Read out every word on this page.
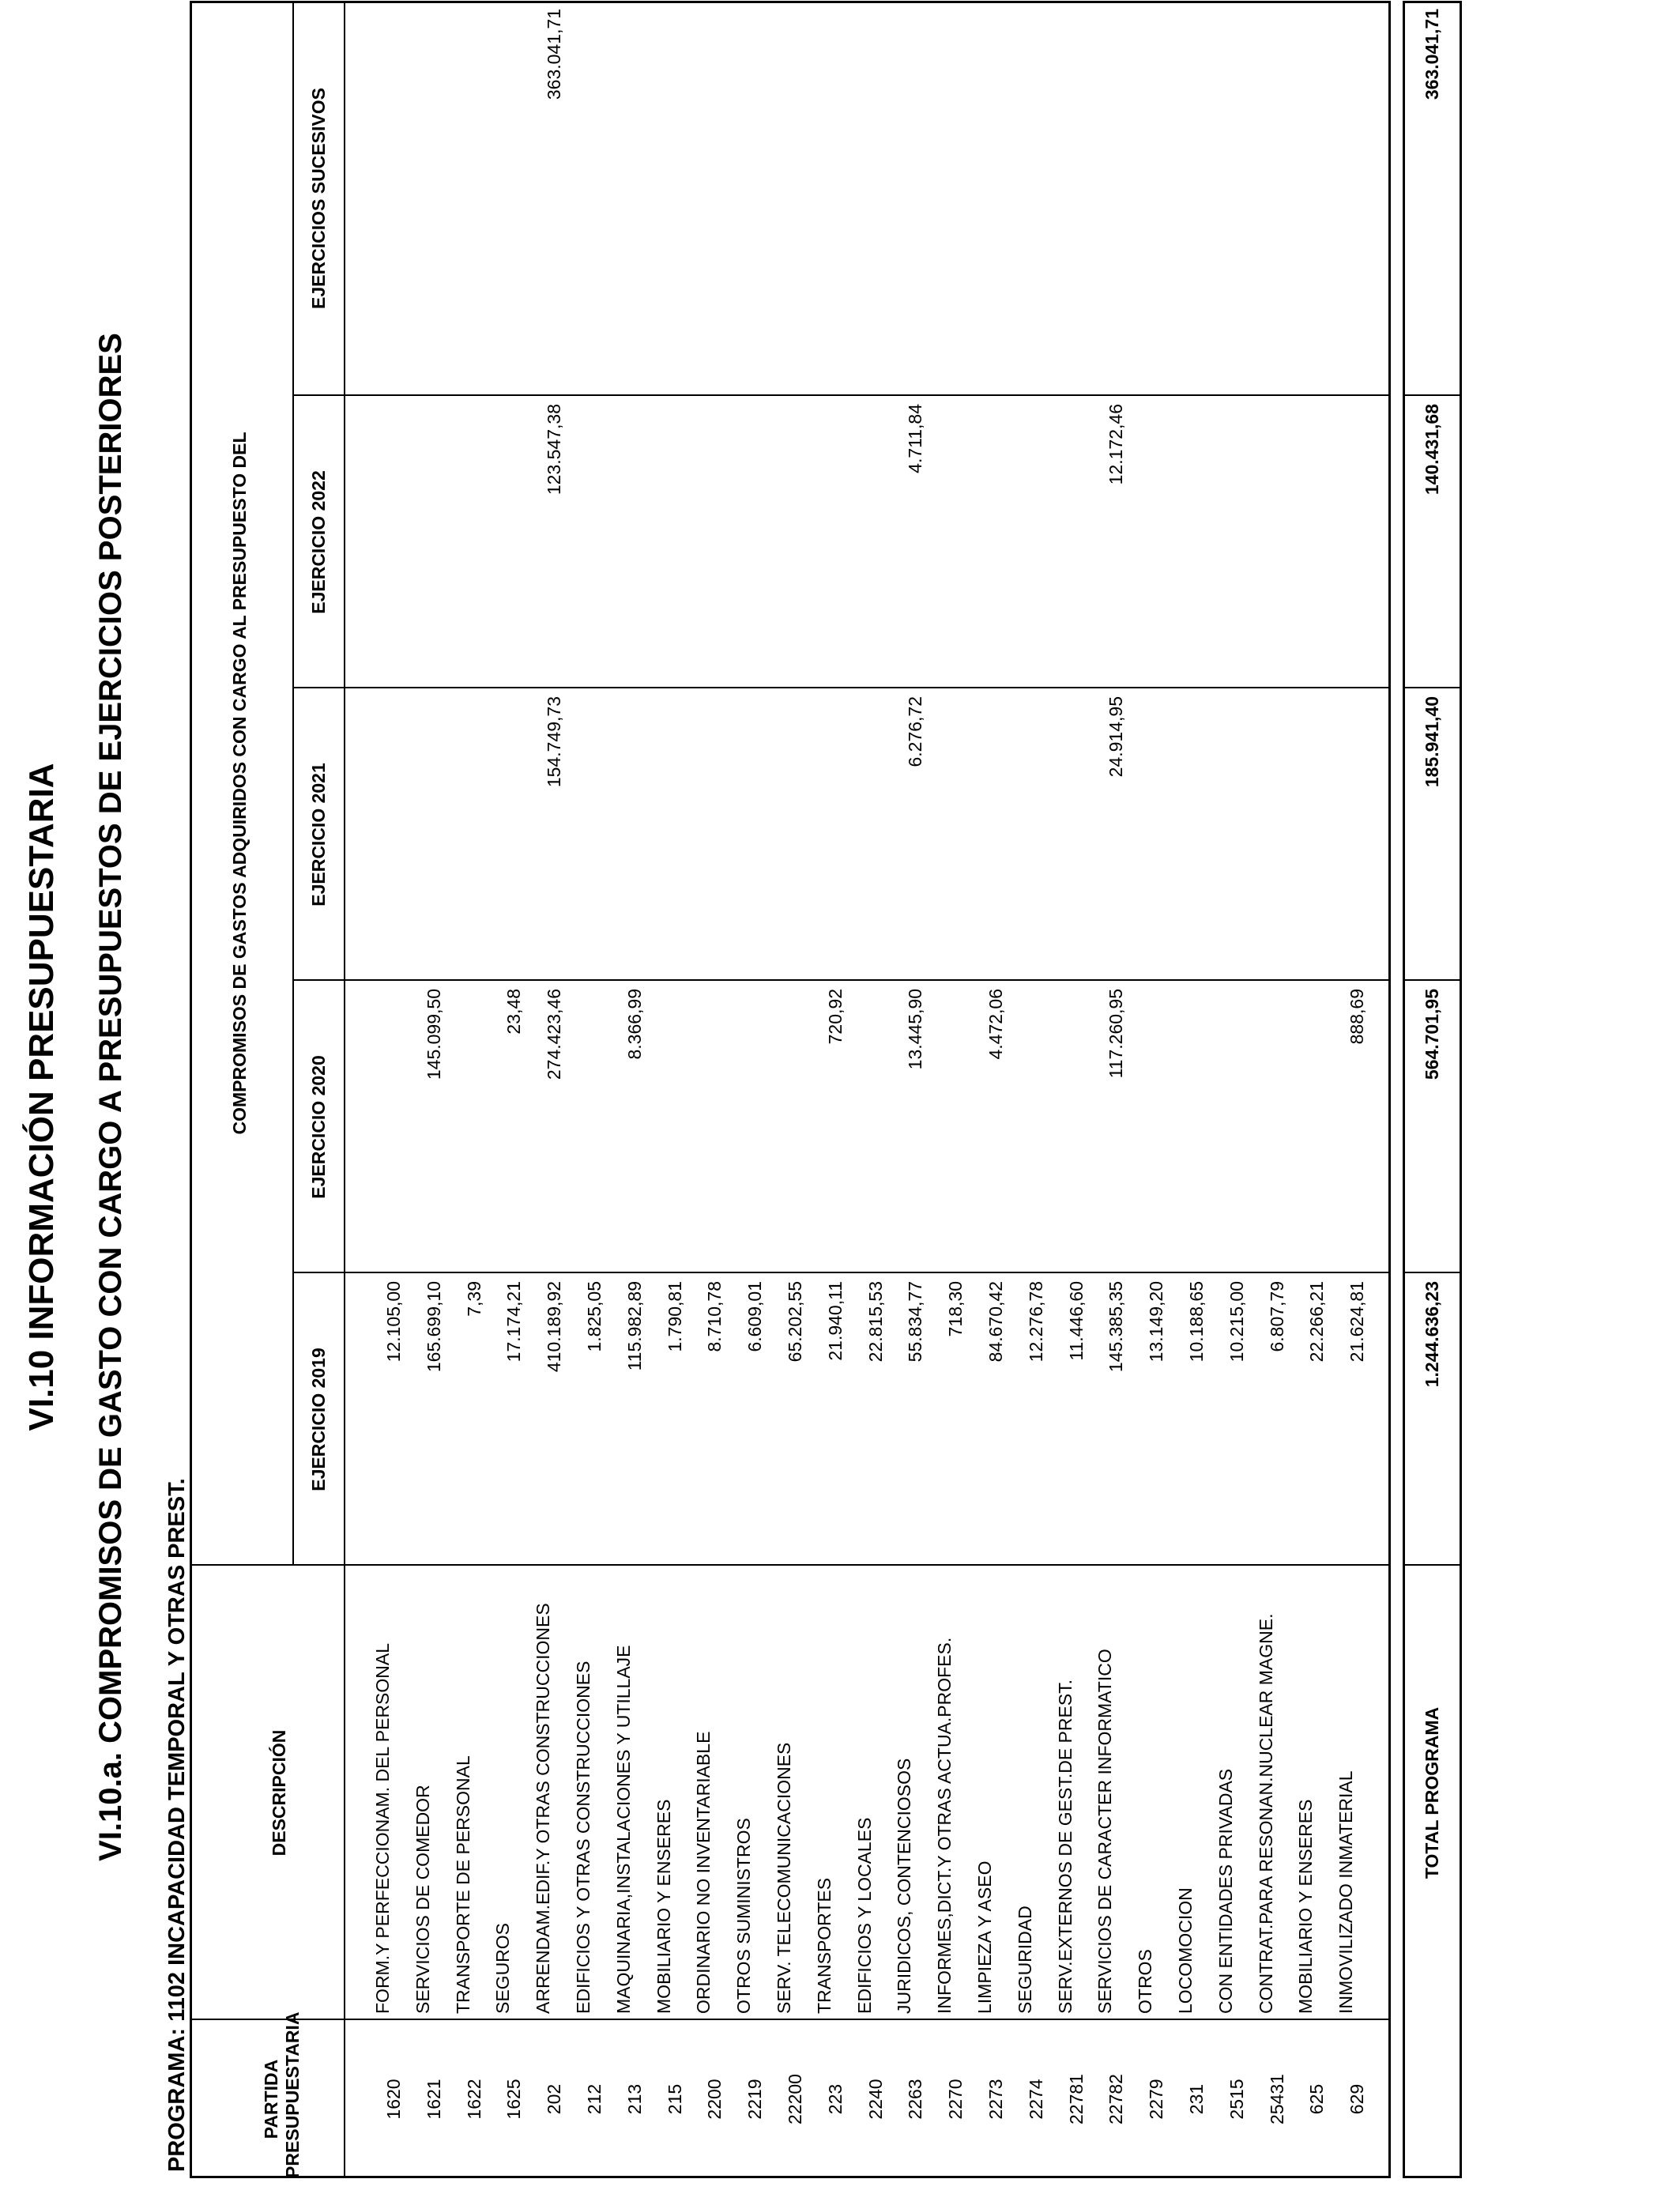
VI.10 INFORMACIÓN PRESUPUESTARIA VI.10.a. COMPROMISOS DE GASTO CON CARGO A PRESUPUESTOS DE EJERCICIOS POSTERIORES PROGRAMA: 1102 INCAPACIDAD TEMPORAL Y OTRAS PREST.	PARTIDA PRESUPUESTARIA
DESCRIPCIÓN
COMPROMISOS DE GASTOS ADQUIRIDOS CON CARGO AL PRESUPUESTO DEL
EJERCICIO 2019
EJERCICIO 2020
EJERCICIO 2021
EJERCICIO 2022
EJERCICIOS SUCESIVOS
1620
FORM.Y PERFECCIONAM. DEL PERSONAL
12.105,00
1621
SERVICIOS DE COMEDOR
165.699,10
145.099,50
1622
TRANSPORTE DE PERSONAL
7,39
1625
SEGUROS
17.174,21
23,48
202
ARRENDAM.EDIF.Y OTRAS CONSTRUCCIONES
410.189,92
274.423,46
154.749,73
123.547,38
363.041,71
212
EDIFICIOS Y OTRAS CONSTRUCCIONES
1.825,05
213
MAQUINARIA,INSTALACIONES Y UTILLAJE
115.982,89
8.366,99
215
MOBILIARIO Y ENSERES
1.790,81
2200
ORDINARIO NO INVENTARIABLE
8.710,78
2219
OTROS SUMINISTROS
6.609,01
22200
SERV. TELECOMUNICACIONES
65.202,55
223
TRANSPORTES
21.940,11
720,92
2240
EDIFICIOS Y LOCALES
22.815,53
2263
JURIDICOS, CONTENCIOSOS
55.834,77
13.445,90
6.276,72
4.711,84
2270
INFORMES,DICT.Y OTRAS ACTUA.PROFES.
718,30
2273
LIMPIEZA Y ASEO
84.670,42
4.472,06
2274
SEGURIDAD
12.276,78
22781
SERV.EXTERNOS DE GEST.DE PREST.
11.446,60
22782
SERVICIOS DE CARACTER INFORMATICO
145.385,35
117.260,95
24.914,95
12.172,46
2279
OTROS
13.149,20
231
LOCOMOCION
10.188,65
2515
CON ENTIDADES PRIVADAS
10.215,00
25431
CONTRAT.PARA RESONAN.NUCLEAR MAGNE.
6.807,79
625
MOBILIARIO Y ENSERES
22.266,21
629
INMOVILIZADO INMATERIAL
21.624,81
888,69
TOTAL PROGRAMA
1.244.636,23
564.701,95
185.941,40
140.431,68
363.041,71
